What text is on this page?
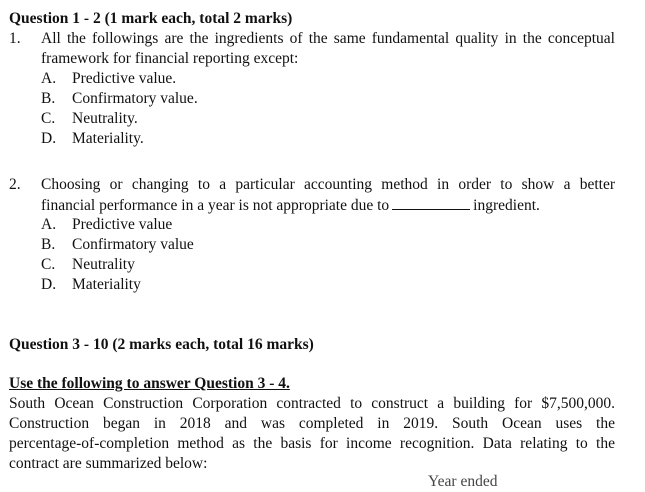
Question 1 - 2 (1 mark each, total 2 marks)
1. All the followings are the ingredients of the same fundamental quality in the conceptual
framework for financial reporting except:
A. Predictive value.
B. Confirmatory value.
C. Neutrality.
D. Materiality.
2. Choosing or changing to a particular accounting method in order to show a better
financial performance in a year is not appropriate due to	ingredient.
A. Predictive value
B. Confirmatory value
C. Neutrality
D. Materiality
Question 3 - 10 (2 marks each, total 16 marks)
Use the following to answer Question 3 - 4.
South Ocean Construction Corporation contracted to construct a building for $7,500,000.
Construction began in 2018 and was completed in 2019. South Ocean uses the
percentage-of-completion method as the basis for income recognition. Data relating to the
contract are summarized below:
Year ended
